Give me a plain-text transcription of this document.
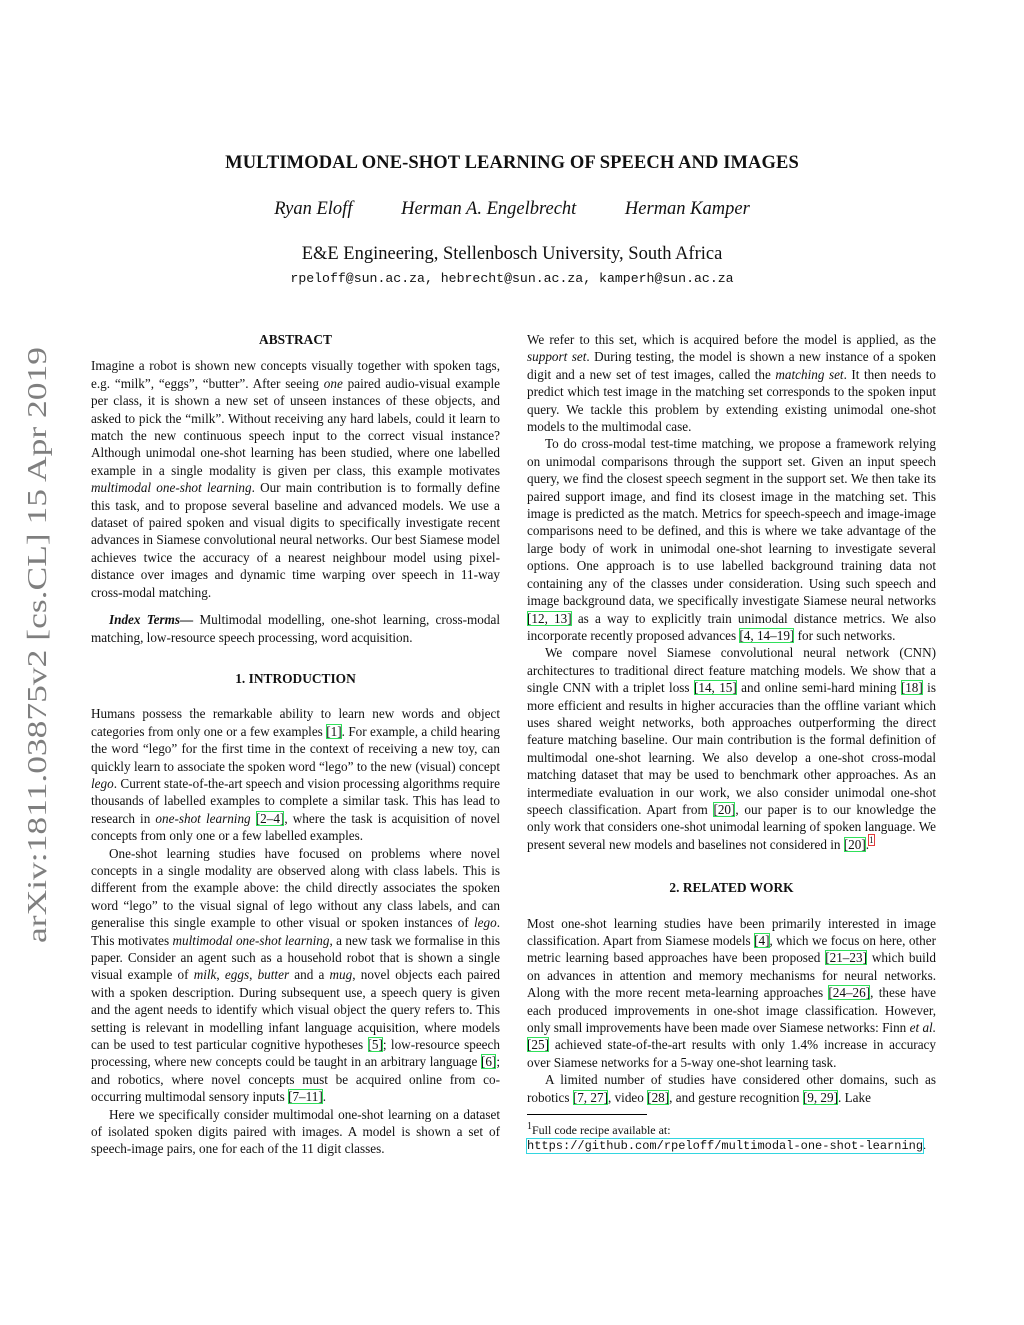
arXiv:1811.03875v2 [cs.CL] 15 Apr 2019
MULTIMODAL ONE-SHOT LEARNING OF SPEECH AND IMAGES
Ryan Eloff	Herman A. Engelbrecht	Herman Kamper
E&E Engineering, Stellenbosch University, South Africa
rpeloff@sun.ac.za, hebrecht@sun.ac.za, kamperh@sun.ac.za
ABSTRACT

Imagine a robot is shown new concepts visually together with spoken tags, e.g. “milk”, “eggs”, “butter”. After seeing one paired audio-visual example per class, it is shown a new set of unseen instances of these objects, and asked to pick the “milk”. Without receiving any hard labels, could it learn to match the new continuous speech input to the correct visual instance? Although unimodal one-shot learning has been studied, where one labelled example in a single modality is given per class, this example motivates multimodal one-shot learning. Our main contribution is to formally define this task, and to propose several baseline and advanced models. We use a dataset of paired spoken and visual digits to specifically investigate recent advances in Siamese convolutional neural networks. Our best Siamese model achieves twice the accuracy of a nearest neighbour model using pixel-distance over images and dynamic time warping over speech in 11-way cross-modal matching.

Index Terms— Multimodal modelling, one-shot learning, cross-modal matching, low-resource speech processing, word acquisition.

1. INTRODUCTION

Humans possess the remarkable ability to learn new words and object categories from only one or a few examples [1]. For example, a child hearing the word “lego” for the first time in the context of receiving a new toy, can quickly learn to associate the spoken word “lego” to the new (visual) concept lego. Current state-of-the-art speech and vision processing algorithms require thousands of labelled examples to complete a similar task. This has lead to research in one-shot learning [2–4], where the task is acquisition of novel concepts from only one or a few labelled examples.

One-shot learning studies have focused on problems where novel concepts in a single modality are observed along with class labels. This is different from the example above: the child directly associates the spoken word “lego” to the visual signal of lego without any class labels, and can generalise this single example to other visual or spoken instances of lego. This motivates multimodal one-shot learning, a new task we formalise in this paper. Consider an agent such as a household robot that is shown a single visual example of milk, eggs, butter and a mug, novel objects each paired with a spoken description. During subsequent use, a speech query is given and the agent needs to identify which visual object the query refers to. This setting is relevant in modelling infant language acquisition, where models can be used to test particular cognitive hypotheses [5]; low-resource speech processing, where new concepts could be taught in an arbitrary language [6]; and robotics, where novel concepts must be acquired online from co-occurring multimodal sensory inputs [7–11].

Here we specifically consider multimodal one-shot learning on a dataset of isolated spoken digits paired with images. A model is shown a set of speech-image pairs, one for each of the 11 digit classes.

We refer to this set, which is acquired before the model is applied, as the support set. During testing, the model is shown a new instance of a spoken digit and a new set of test images, called the matching set. It then needs to predict which test image in the matching set corresponds to the spoken input query. We tackle this problem by extending existing unimodal one-shot models to the multimodal case.

To do cross-modal test-time matching, we propose a framework relying on unimodal comparisons through the support set. Given an input speech query, we find the closest speech segment in the support set. We then take its paired support image, and find its closest image in the matching set. This image is predicted as the match. Metrics for speech-speech and image-image comparisons need to be defined, and this is where we take advantage of the large body of work in unimodal one-shot learning to investigate several options. One approach is to use labelled background training data not containing any of the classes under consideration. Using such speech and image background data, we specifically investigate Siamese neural networks [12, 13] as a way to explicitly train unimodal distance metrics. We also incorporate recently proposed advances [4, 14–19] for such networks.

We compare novel Siamese convolutional neural network (CNN) architectures to traditional direct feature matching models. We show that a single CNN with a triplet loss [14, 15] and online semi-hard mining [18] is more efficient and results in higher accuracies than the offline variant which uses shared weight networks, both approaches outperforming the direct feature matching baseline. Our main contribution is the formal definition of multimodal one-shot learning. We also develop a one-shot cross-modal matching dataset that may be used to benchmark other approaches. As an intermediate evaluation in our work, we also consider unimodal one-shot speech classification. Apart from [20], our paper is to our knowledge the only work that considers one-shot unimodal learning of spoken language. We present several new models and baselines not considered in [20].$^1$

2. RELATED WORK

Most one-shot learning studies have been primarily interested in image classification. Apart from Siamese models [4], which we focus on here, other metric learning based approaches have been proposed [21–23] which build on advances in attention and memory mechanisms for neural networks. Along with the more recent meta-learning approaches [24–26], these have each produced improvements in one-shot image classification. However, only small improvements have been made over Siamese networks: Finn et al. [25] achieved state-of-the-art results with only 1.4% increase in accuracy over Siamese networks for a 5-way one-shot learning task.

A limited number of studies have considered other domains, such as robotics [7, 27], video [28], and gesture recognition [9, 29]. Lake

$^1$Full code recipe available at: https://github.com/rpeloff/multimodal-one-shot-learning.
